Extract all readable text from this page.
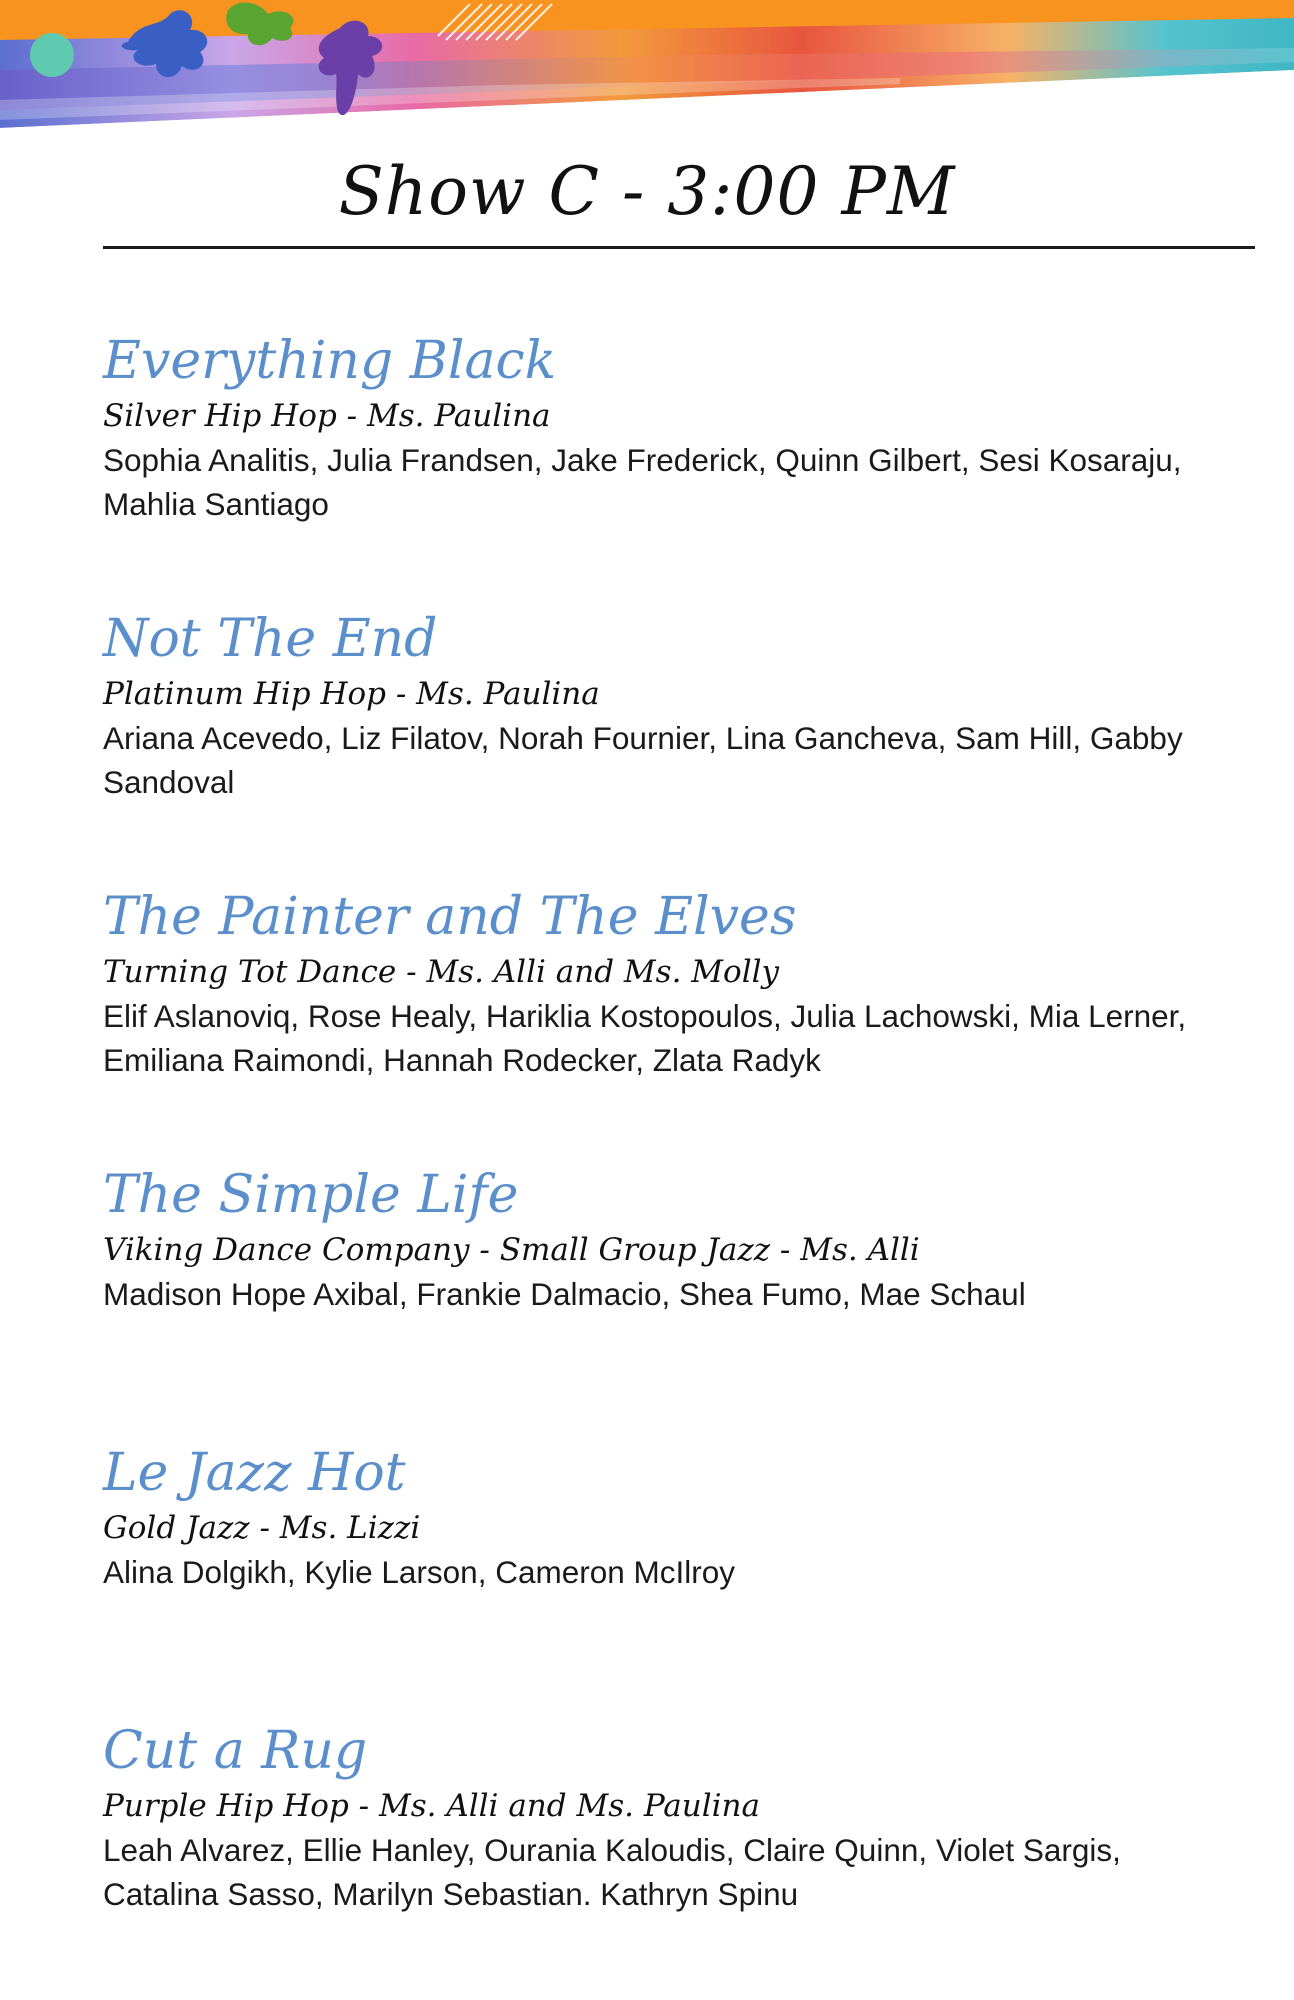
Show C - 3:00 PM

Everything Black

Silver Hip Hop - Ms. Paulina

Sophia Analitis, Julia Frandsen, Jake Frederick, Quinn Gilbert, Sesi Kosaraju, Mahlia Santiago

Not The End

Platinum Hip Hop - Ms. Paulina

Ariana Acevedo, Liz Filatov, Norah Fournier, Lina Gancheva, Sam Hill, Gabby Sandoval

The Painter and The Elves

Turning Tot Dance - Ms. Alli and Ms. Molly

Elif Aslanoviq, Rose Healy, Hariklia Kostopoulos, Julia Lachowski, Mia Lerner, Emiliana Raimondi, Hannah Rodecker, Zlata Radyk

The Simple Life

Viking Dance Company - Small Group Jazz - Ms. Alli

Madison Hope Axibal, Frankie Dalmacio, Shea Fumo, Mae Schaul

Le Jazz Hot

Gold Jazz - Ms. Lizzi

Alina Dolgikh, Kylie Larson, Cameron McIlroy

Cut a Rug

Purple Hip Hop - Ms. Alli and Ms. Paulina

Leah Alvarez, Ellie Hanley, Ourania Kaloudis, Claire Quinn, Violet Sargis, Catalina Sasso, Marilyn Sebastian. Kathryn Spinu
